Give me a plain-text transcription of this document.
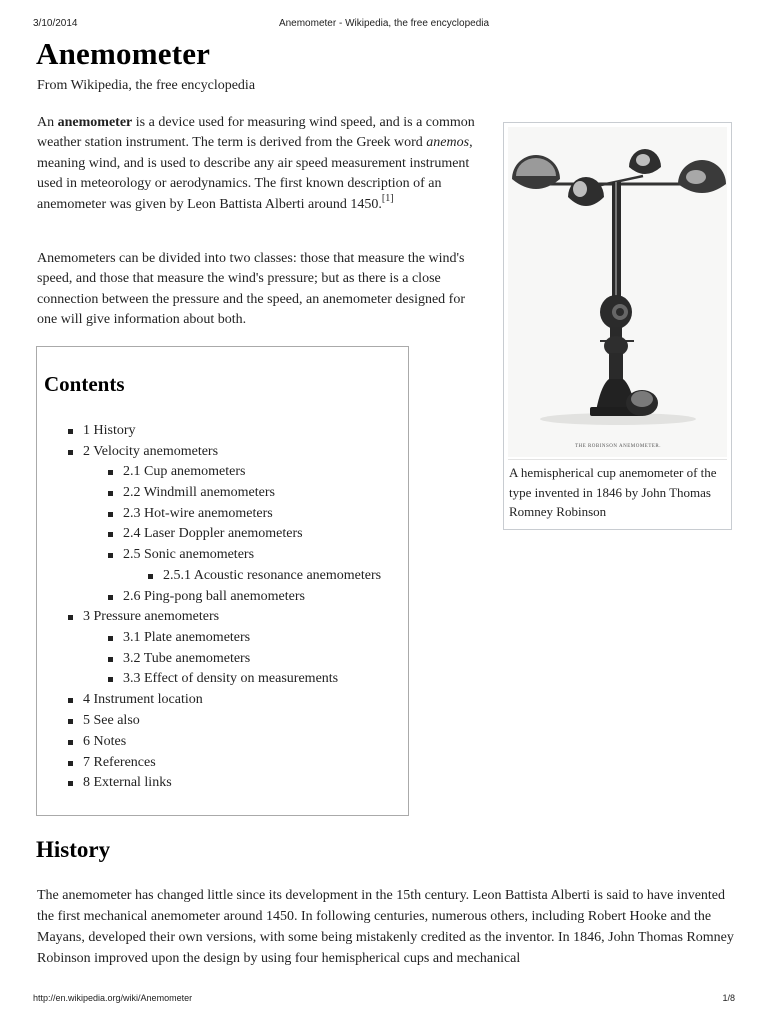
3/10/2014	Anemometer - Wikipedia, the free encyclopedia
Anemometer
From Wikipedia, the free encyclopedia

An anemometer is a device used for measuring wind speed, and is a common weather station instrument. The term is derived from the Greek word anemos, meaning wind, and is used to describe any air speed measurement instrument used in meteorology or aerodynamics. The first known description of an anemometer was given by Leon Battista Alberti around 1450.[1]

Anemometers can be divided into two classes: those that measure the wind's speed, and those that measure the wind's pressure; but as there is a close connection between the pressure and the speed, an anemometer designed for one will give information about both.

THE ROBINSON ANEMOMETER.
A hemispherical cup anemometer of the type invented in 1846 by John Thomas Romney Robinson
Contents
1 History
2 Velocity anemometers
2.1 Cup anemometers
2.2 Windmill anemometers
2.3 Hot-wire anemometers
2.4 Laser Doppler anemometers
2.5 Sonic anemometers
2.5.1 Acoustic resonance anemometers
2.6 Ping-pong ball anemometers
3 Pressure anemometers
3.1 Plate anemometers
3.2 Tube anemometers
3.3 Effect of density on measurements
4 Instrument location
5 See also
6 Notes
7 References
8 External links
History

The anemometer has changed little since its development in the 15th century. Leon Battista Alberti is said to have invented the first mechanical anemometer around 1450. In following centuries, numerous others, including Robert Hooke and the Mayans, developed their own versions, with some being mistakenly credited as the inventor. In 1846, John Thomas Romney Robinson improved upon the design by using four hemispherical cups and mechanical

http://en.wikipedia.org/wiki/Anemometer	1/8
